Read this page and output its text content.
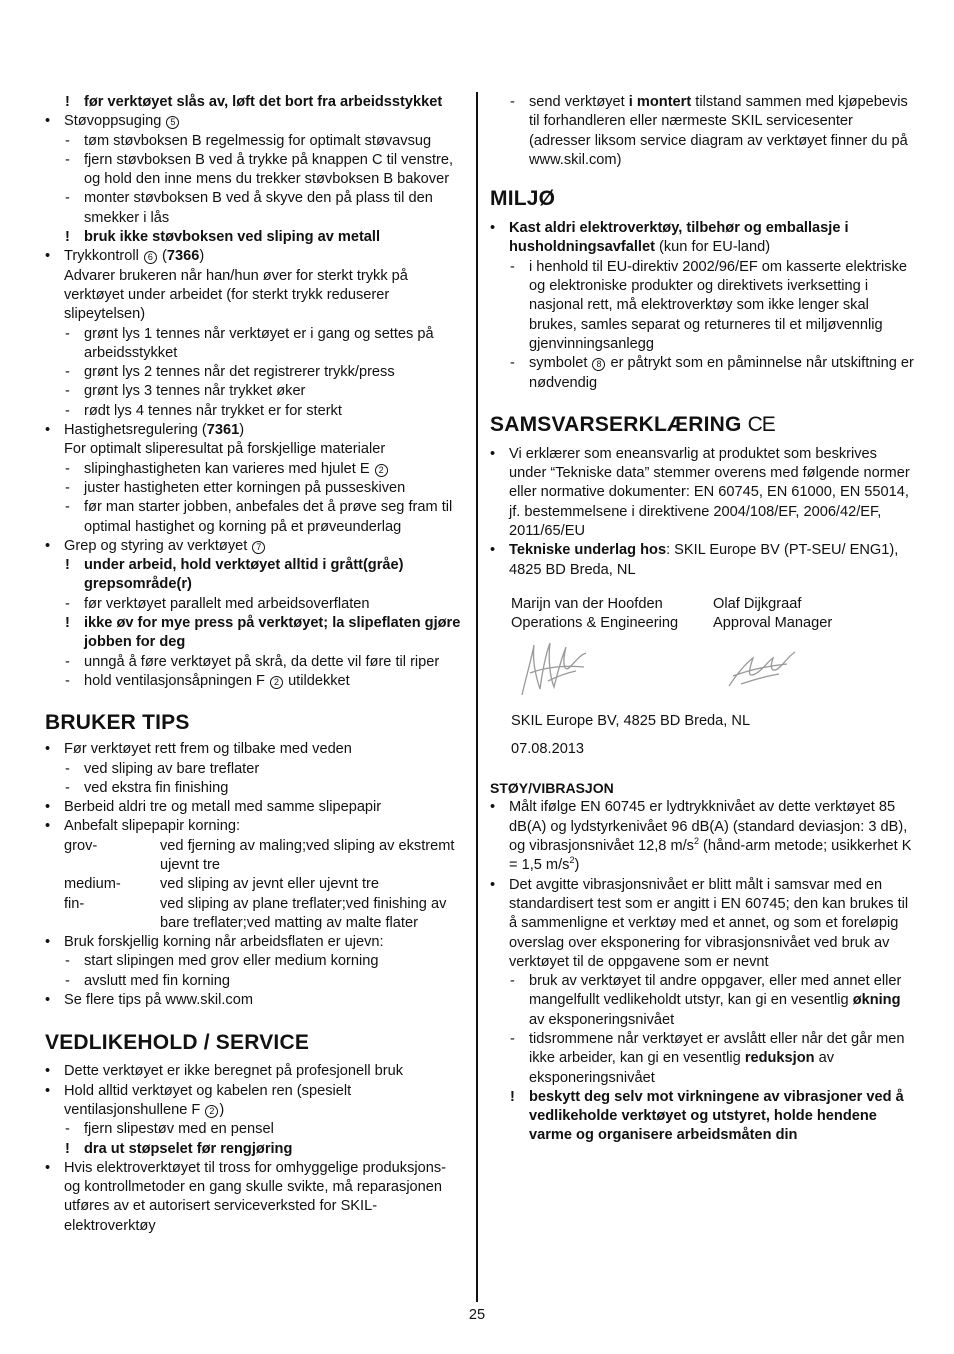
! før verktøyet slås av, løft det bort fra arbeidsstykket
• Støvoppsuging 5
- tøm støvboksen B regelmessig for optimalt støvavsug
- fjern støvboksen B ved å trykke på knappen C til venstre, og hold den inne mens du trekker støvboksen B bakover
- monter støvboksen B ved å skyve den på plass til den smekker i lås
! bruk ikke støvboksen ved sliping av metall
• Trykkontroll 6 (7366)
Advarer brukeren når han/hun øver for sterkt trykk på verktøyet under arbeidet (for sterkt trykk reduserer slipeytelsen)
- grønt lys 1 tennes når verktøyet er i gang og settes på arbeidsstykket
- grønt lys 2 tennes når det registrerer trykk/press
- grønt lys 3 tennes når trykket øker
- rødt lys 4 tennes når trykket er for sterkt
• Hastighetsregulering (7361)
For optimalt sliperesultat på forskjellige materialer
- slipinghastigheten kan varieres med hjulet E 2
- juster hastigheten etter korningen på pusseskiven
- før man starter jobben, anbefales det å prøve seg fram til optimal hastighet og korning på et prøveunderlag
• Grep og styring av verktøyet 7
! under arbeid, hold verktøyet alltid i grått(gråe) grepsområde(r)
- før verktøyet parallelt med arbeidsoverflaten
! ikke øv for mye press på verktøyet; la slipeflaten gjøre jobben for deg
- unngå å føre verktøyet på skrå, da dette vil føre til riper
- hold ventilasjonsåpningen F 2 utildekket
BRUKER TIPS
• Før verktøyet rett frem og tilbake med veden
- ved sliping av bare treflater
- ved ekstra fin finishing
• Berbeid aldri tre og metall med samme slipepapir
• Anbefalt slipepapir korning:
grov-	ved fjerning av maling;ved sliping av ekstremt ujevnt tre
medium-	ved sliping av jevnt eller ujevnt tre
fin-	ved sliping av plane treflater;ved finishing av bare treflater;ved matting av malte flater
• Bruk forskjellig korning når arbeidsflaten er ujevn:
- start slipingen med grov eller medium korning
- avslutt med fin korning
• Se flere tips på www.skil.com
VEDLIKEHOLD / SERVICE
• Dette verktøyet er ikke beregnet på profesjonell bruk
• Hold alltid verktøyet og kabelen ren (spesielt ventilasjonshullene F 2 )
- fjern slipestøv med en pensel
! dra ut støpselet før rengjøring
• Hvis elektroverktøyet til tross for omhyggelige produksjons- og kontrollmetoder en gang skulle svikte, må reparasjonen utføres av et autorisert serviceverksted for SKIL-elektroverktøy
- send verktøyet i montert tilstand sammen med kjøpebevis til forhandleren eller nærmeste SKIL servicesenter (adresser liksom service diagram av verktøyet finner du på www.skil.com)
MILJØ
• Kast aldri elektroverktøy, tilbehør og emballasje i husholdningsavfallet (kun for EU-land)
- i henhold til EU-direktiv 2002/96/EF om kasserte elektriske og elektroniske produkter og direktivets iverksetting i nasjonal rett, må elektroverktøy som ikke lenger skal brukes, samles separat og returneres til et miljøvennlig gjenvinningsanlegg
- symbolet 8 er påtrykt som en påminnelse når utskiftning er nødvendig
SAMSVARSERKLÆRING CE
• Vi erklærer som eneansvarlig at produktet som beskrives under “Tekniske data” stemmer overens med følgende normer eller normative dokumenter: EN 60745, EN 61000, EN 55014, jf. bestemmelsene i direktivene 2004/108/EF, 2006/42/EF, 2011/65/EU
• Tekniske underlag hos: SKIL Europe BV (PT-SEU/ ENG1), 4825 BD Breda, NL
Marijn van der Hoofden
Operations & Engineering
Olaf Dijkgraaf
Approval Manager
SKIL Europe BV, 4825 BD Breda, NL
07.08.2013
STØY/VIBRASJON
• Målt ifølge EN 60745 er lydtrykknivået av dette verktøyet 85 dB(A) og lydstyrkenivået 96 dB(A) (standard deviasjon: 3 dB), og vibrasjonsnivået 12,8 $m/s^2$ (hånd-arm metode; usikkerhet K = 1,5 $m/s^2$)
• Det avgitte vibrasjonsnivået er blitt målt i samsvar med en standardisert test som er angitt i EN 60745; den kan brukes til å sammenligne et verktøy med et annet, og som et foreløpig overslag over eksponering for vibrasjonsnivået ved bruk av verktøyet til de oppgavene som er nevnt
- bruk av verktøyet til andre oppgaver, eller med annet eller mangelfullt vedlikeholdt utstyr, kan gi en vesentlig økning av eksponeringsnivået
- tidsrommene når verktøyet er avslått eller når det går men ikke arbeider, kan gi en vesentlig reduksjon av eksponeringsnivået
! beskytt deg selv mot virkningene av vibrasjoner ved å vedlikeholde verktøyet og utstyret, holde hendene varme og organisere arbeidsmåten din
25
